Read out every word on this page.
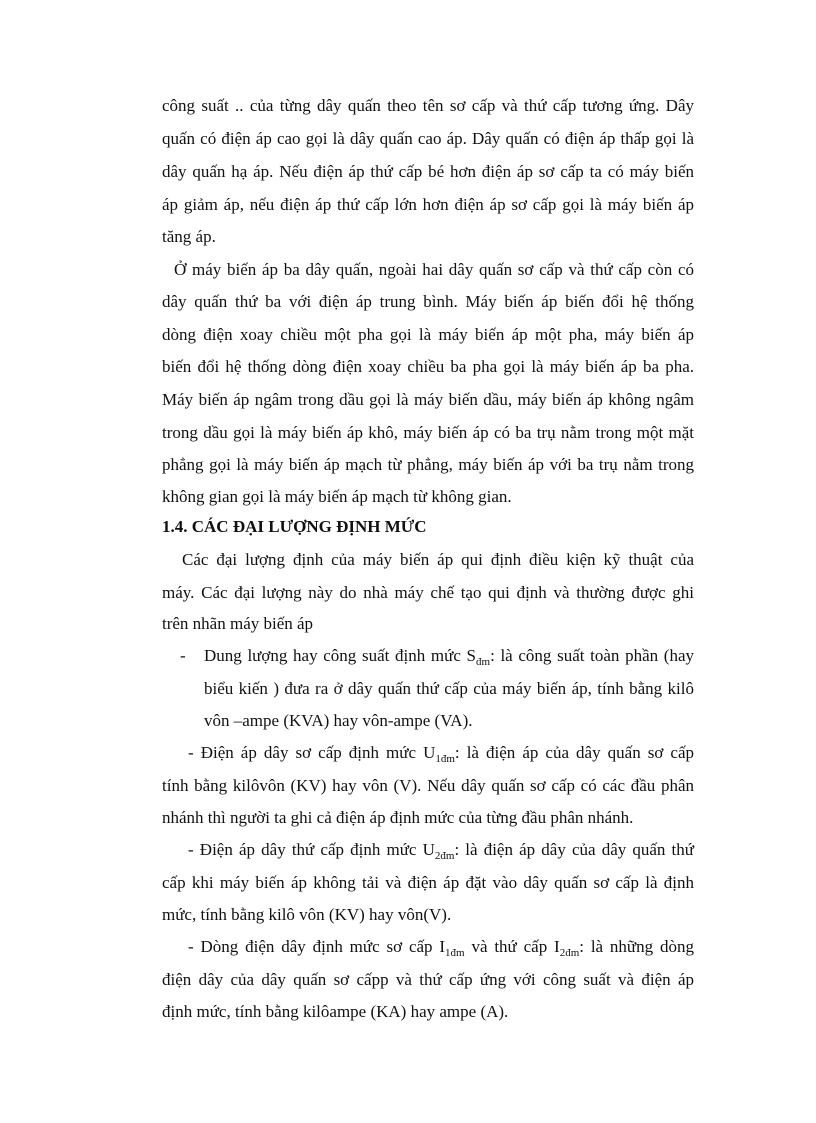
công suất .. của từng dây quấn theo tên sơ cấp và thứ cấp tương ứng. Dây
quấn có điện áp cao gọi là dây quấn cao áp. Dây quấn có điện áp thấp gọi là
dây quấn hạ áp. Nếu điện áp thứ cấp bé hơn điện áp sơ cấp ta có máy biến
áp giảm áp, nếu điện áp thứ cấp lớn hơn điện áp sơ cấp gọi là máy biến áp
tăng áp.
Ở máy biến áp ba dây quấn, ngoài hai dây quấn sơ cấp và thứ cấp còn có
dây quấn thứ ba với điện áp trung bình. Máy biến áp biến đổi hệ thống
dòng điện xoay chiều một pha gọi là máy biến áp một pha, máy biến áp
biến đổi hệ thống dòng điện xoay chiều ba pha gọi là máy biến áp ba pha.
Máy biến áp ngâm trong dầu gọi là máy biến dầu, máy biến áp không ngâm
trong dầu gọi là máy biến áp khô, máy biến áp có ba trụ nằm trong một mặt
phẳng gọi là máy biến áp mạch từ phẳng, máy biến áp với ba trụ nằm trong
không gian gọi là máy biến áp mạch từ không gian.
1.4. CÁC ĐẠI LƯỢNG ĐỊNH MỨC
Các đại lượng định của máy biến áp qui định điều kiện kỹ thuật của
máy. Các đại lượng này do nhà máy chế tạo qui định và thường được ghi
trên nhãn máy biến áp
-	Dung lượng hay công suất định mức $S_{đm}$: là công suất toàn phần (hay
biểu kiến ) đưa ra ở dây quấn thứ cấp của máy biến áp, tính bằng kilô
vôn –ampe (KVA) hay vôn-ampe (VA).
- Điện áp dây sơ cấp định mức $U_{1đm}$: là điện áp của dây quấn sơ cấp
tính bằng kilôvôn (KV) hay vôn (V). Nếu dây quấn sơ cấp có các đầu phân
nhánh thì người ta ghi cả điện áp định mức của từng đầu phân nhánh.
- Điện áp dây thứ cấp định mức $U_{2đm}$: là điện áp dây của dây quấn thứ
cấp khi máy biến áp không tải và điện áp đặt vào dây quấn sơ cấp là định
mức, tính bằng kilô vôn (KV) hay vôn(V).
- Dòng điện dây định mức sơ cấp $I_{1đm}$ và thứ cấp $I_{2đm}$: là những dòng
điện dây của dây quấn sơ cấpp và thứ cấp ứng với công suất và điện áp
định mức, tính bằng kilôampe (KA) hay ampe (A).
